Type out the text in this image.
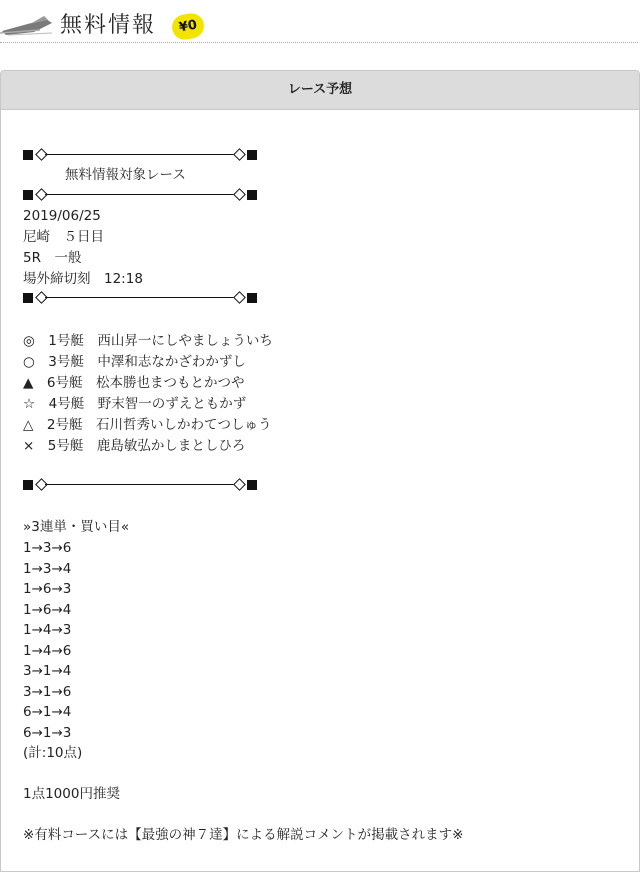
無料情報	¥0
レース予想
無料情報対象レース
2019/06/25
尼崎　５日目
5R　一般
場外締切刻　12:18
◎　1号艇　西山昇一にしやましょういち
○　3号艇　中澤和志なかざわかずし
▲　6号艇　松本勝也まつもとかつや
☆　4号艇　野末智一のずえともかず
△　2号艇　石川哲秀いしかわてつしゅう
×　5号艇　鹿島敏弘かしまとしひろ
»3連単・買い目«
1→3→6
1→3→4
1→6→3
1→6→4
1→4→3
1→4→6
3→1→4
3→1→6
6→1→4
6→1→3
(計:10点)
1点1000円推奨
※有料コースには【最強の神７達】による解説コメントが掲載されます※
